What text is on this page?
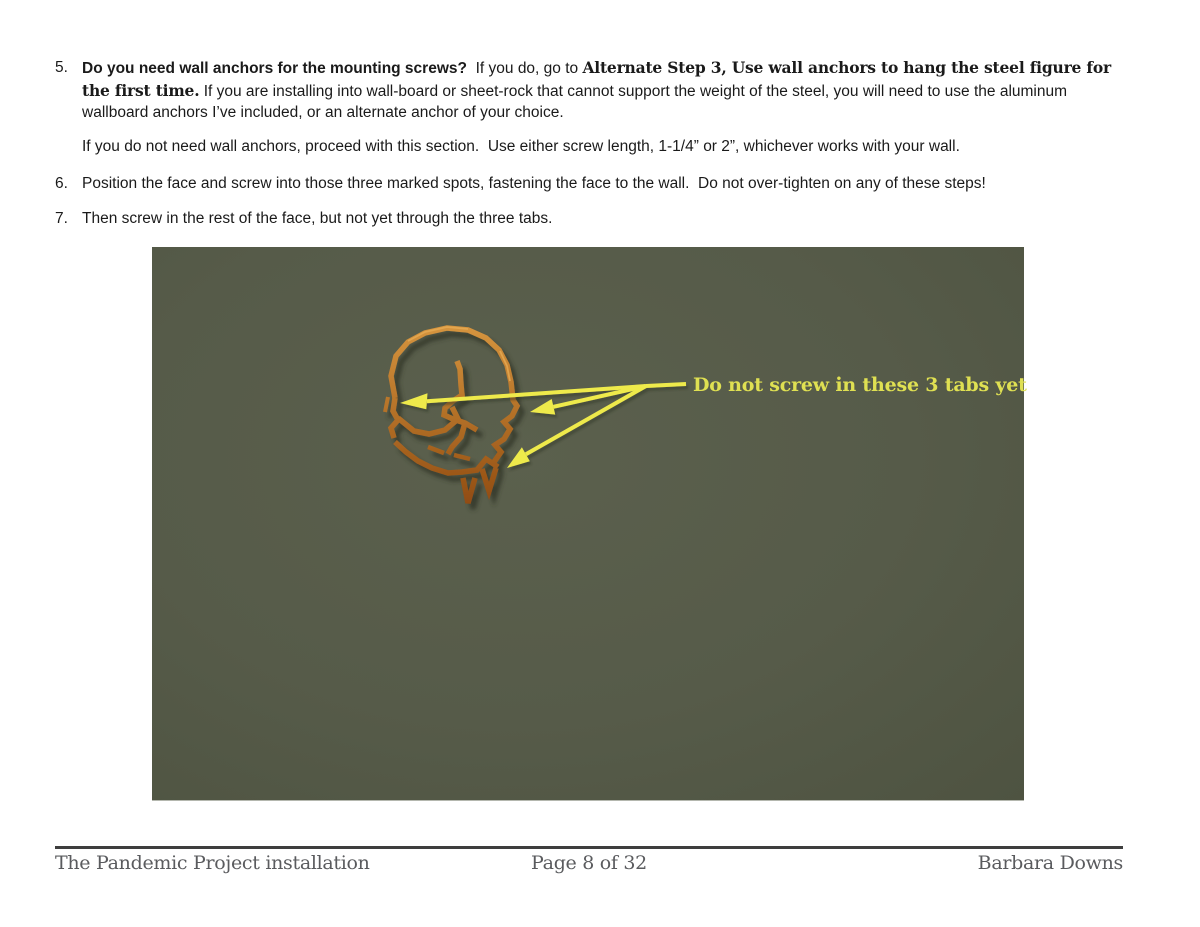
5. Do you need wall anchors for the mounting screws?  If you do, go to Alternate Step 3, Use wall anchors to hang the steel figure for the first time. If you are installing into wall-board or sheet-rock that cannot support the weight of the steel, you will need to use the aluminum wallboard anchors I’ve included, or an alternate anchor of your choice.
If you do not need wall anchors, proceed with this section.  Use either screw length, 1-1/4” or 2”, whichever works with your wall.
6. Position the face and screw into those three marked spots, fastening the face to the wall.  Do not over-tighten on any of these steps!
7. Then screw in the rest of the face, but not yet through the three tabs.
Do not screw in these 3 tabs yet
The Pandemic Project installation	Page 8 of 32	Barbara Downs
